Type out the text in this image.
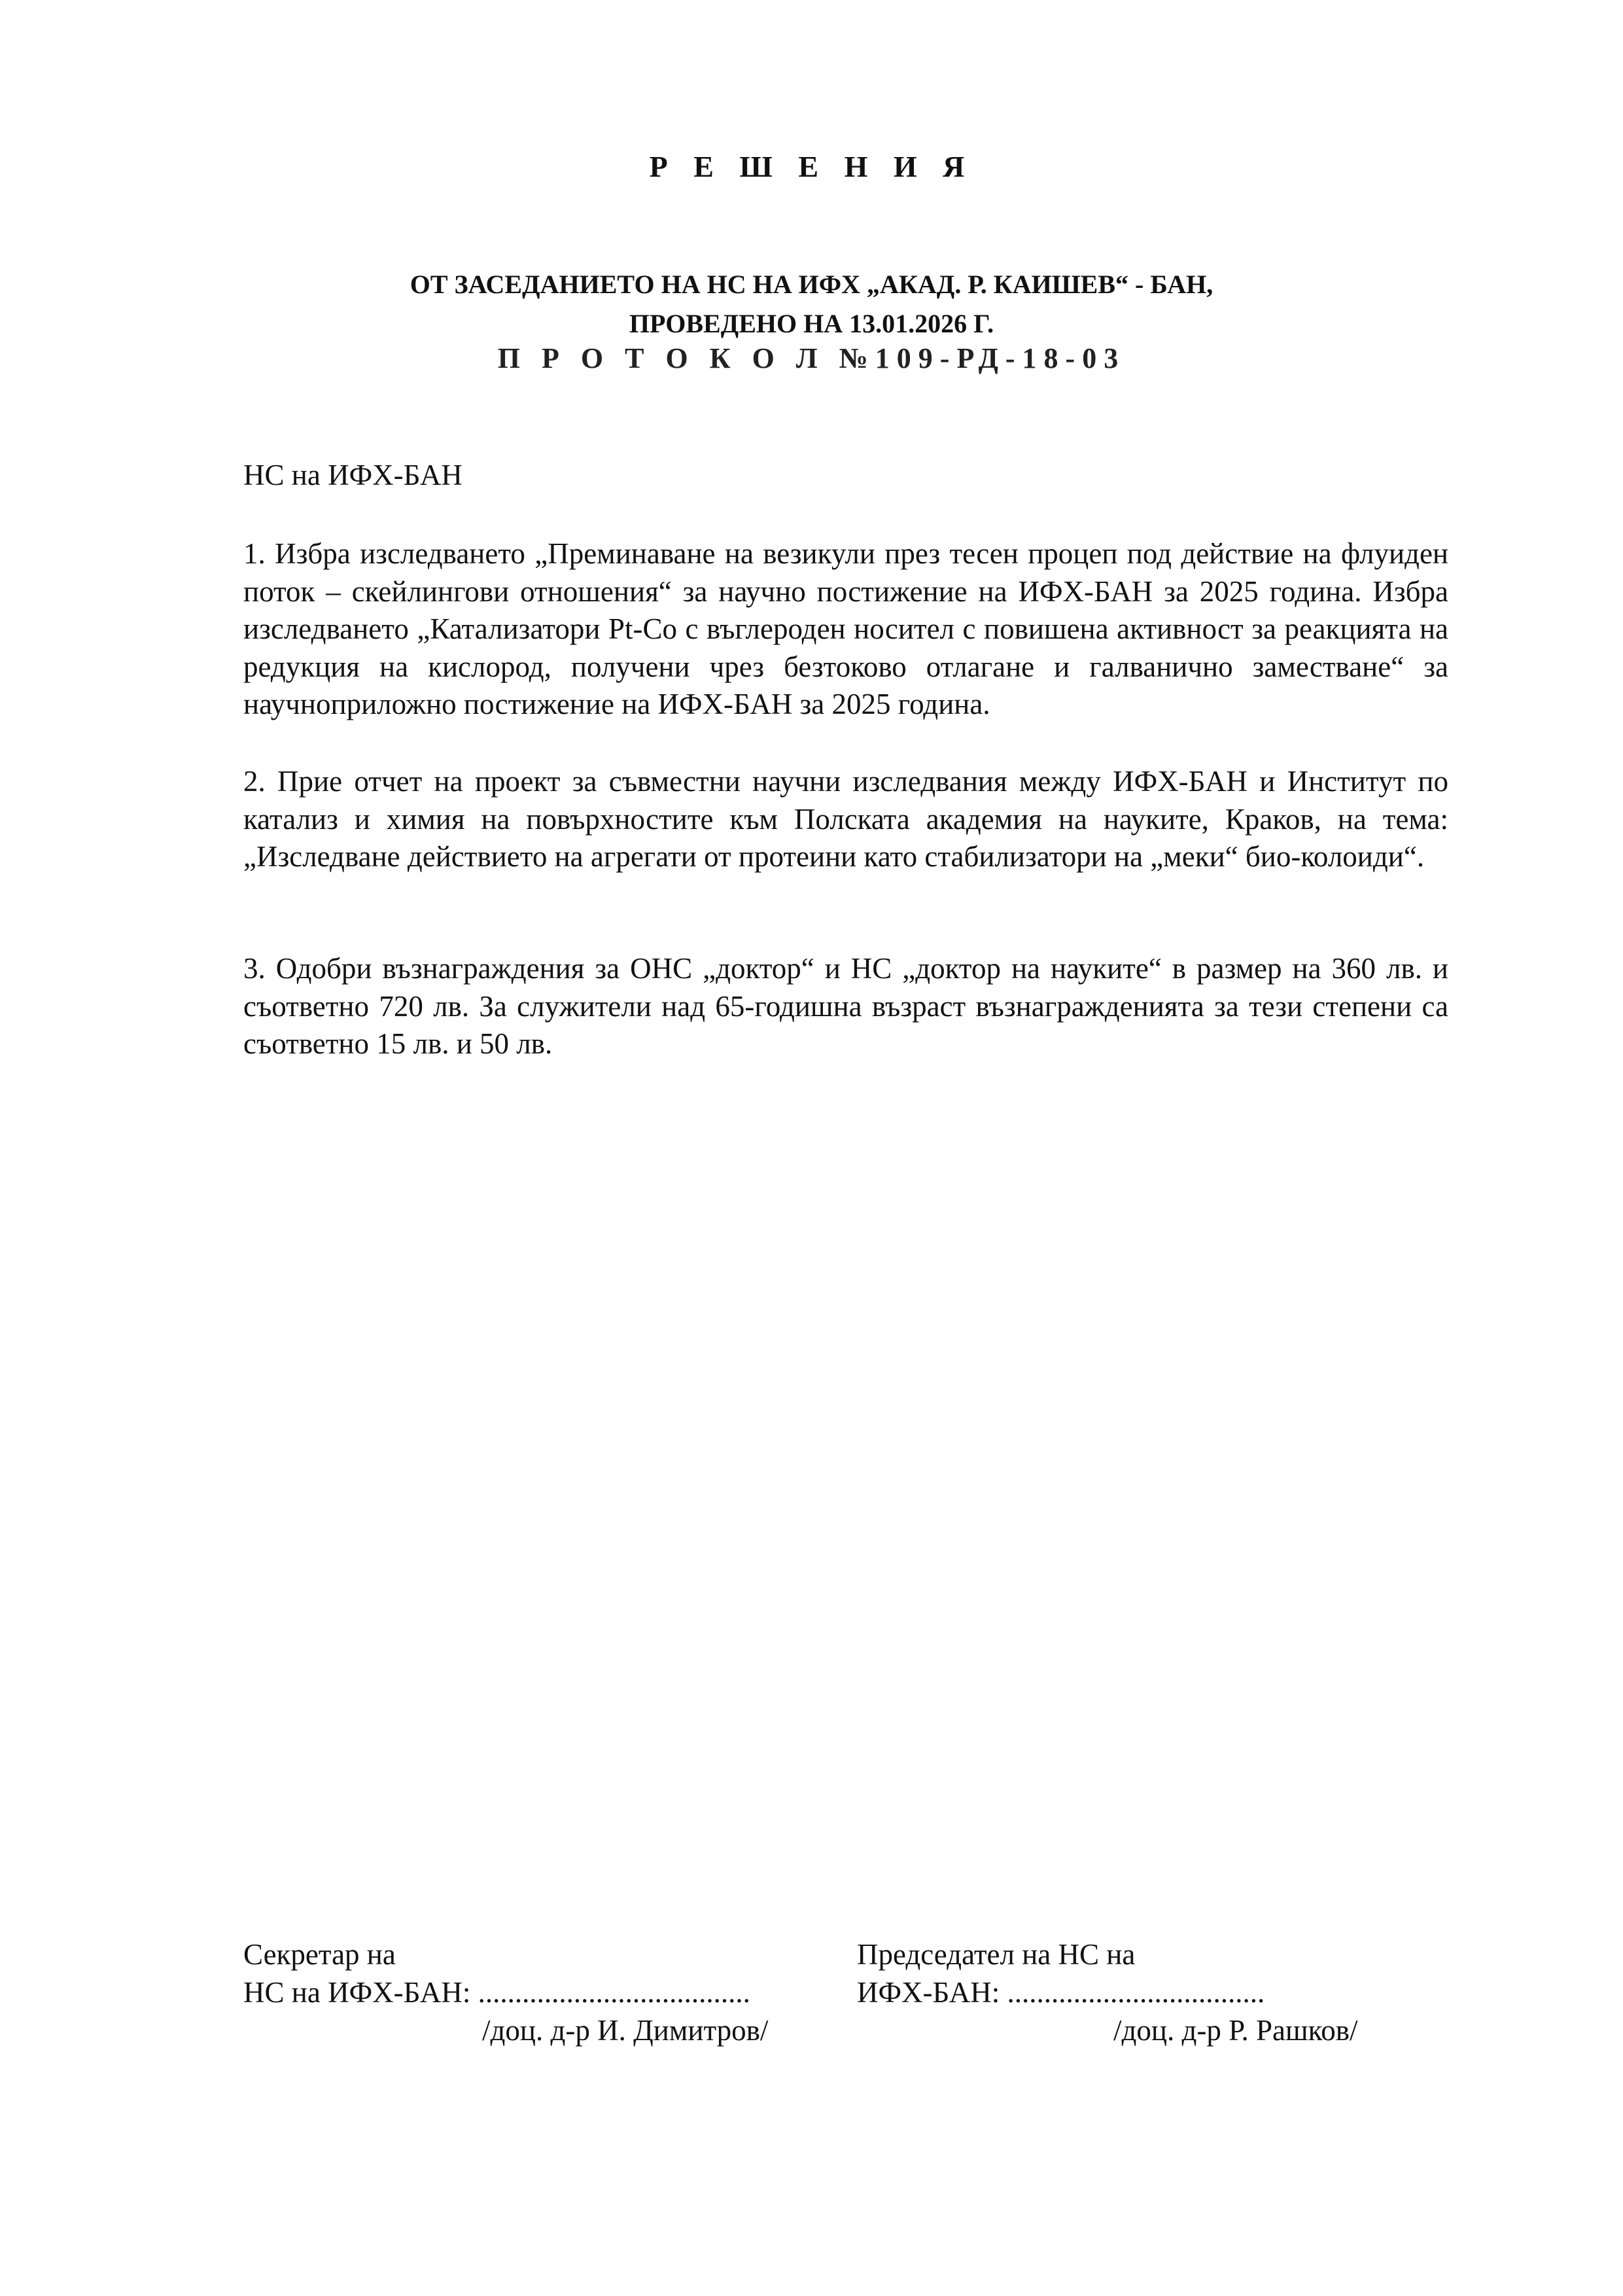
Р Е Ш Е Н И Я
ОТ ЗАСЕДАНИЕТО НА НС НА ИФХ „АКАД. Р. КАИШЕВ“ - БАН,
ПРОВЕДЕНО НА 13.01.2026 Г.
П Р О Т О К О Л №109-РД-18-03

НС на ИФХ-БАН

1. Избра изследването „Преминаване на везикули през тесен процеп под действие на флуиден поток – скейлингови отношения“ за научно постижение на ИФХ-БАН за 2025 година. Избра изследването „Катализатори Pt-Co с въглероден носител с повишена активност за реакцията на редукция на кислород, получени чрез безтоково отлагане и галванично заместване“ за научноприложно постижение на ИФХ-БАН за 2025 година.

2. Прие отчет на проект за съвместни научни изследвания между ИФХ-БАН и Институт по катализ и химия на повърхностите към Полската академия на науките, Краков, на тема: „Изследване действието на агрегати от протеини като стабилизатори на „меки“ био-колоиди“.

3. Одобри възнаграждения за ОНС „доктор“ и НС „доктор на науките“ в размер на 360 лв. и съответно 720 лв. За служители над 65-годишна възраст възнагражденията за тези степени са съответно 15 лв. и 50 лв.

Секретар на
НС на ИФХ-БАН: .....................................
/доц. д-р И. Димитров/
Председател на НС на
ИФХ-БАН: ...................................
/доц. д-р Р. Рашков/
